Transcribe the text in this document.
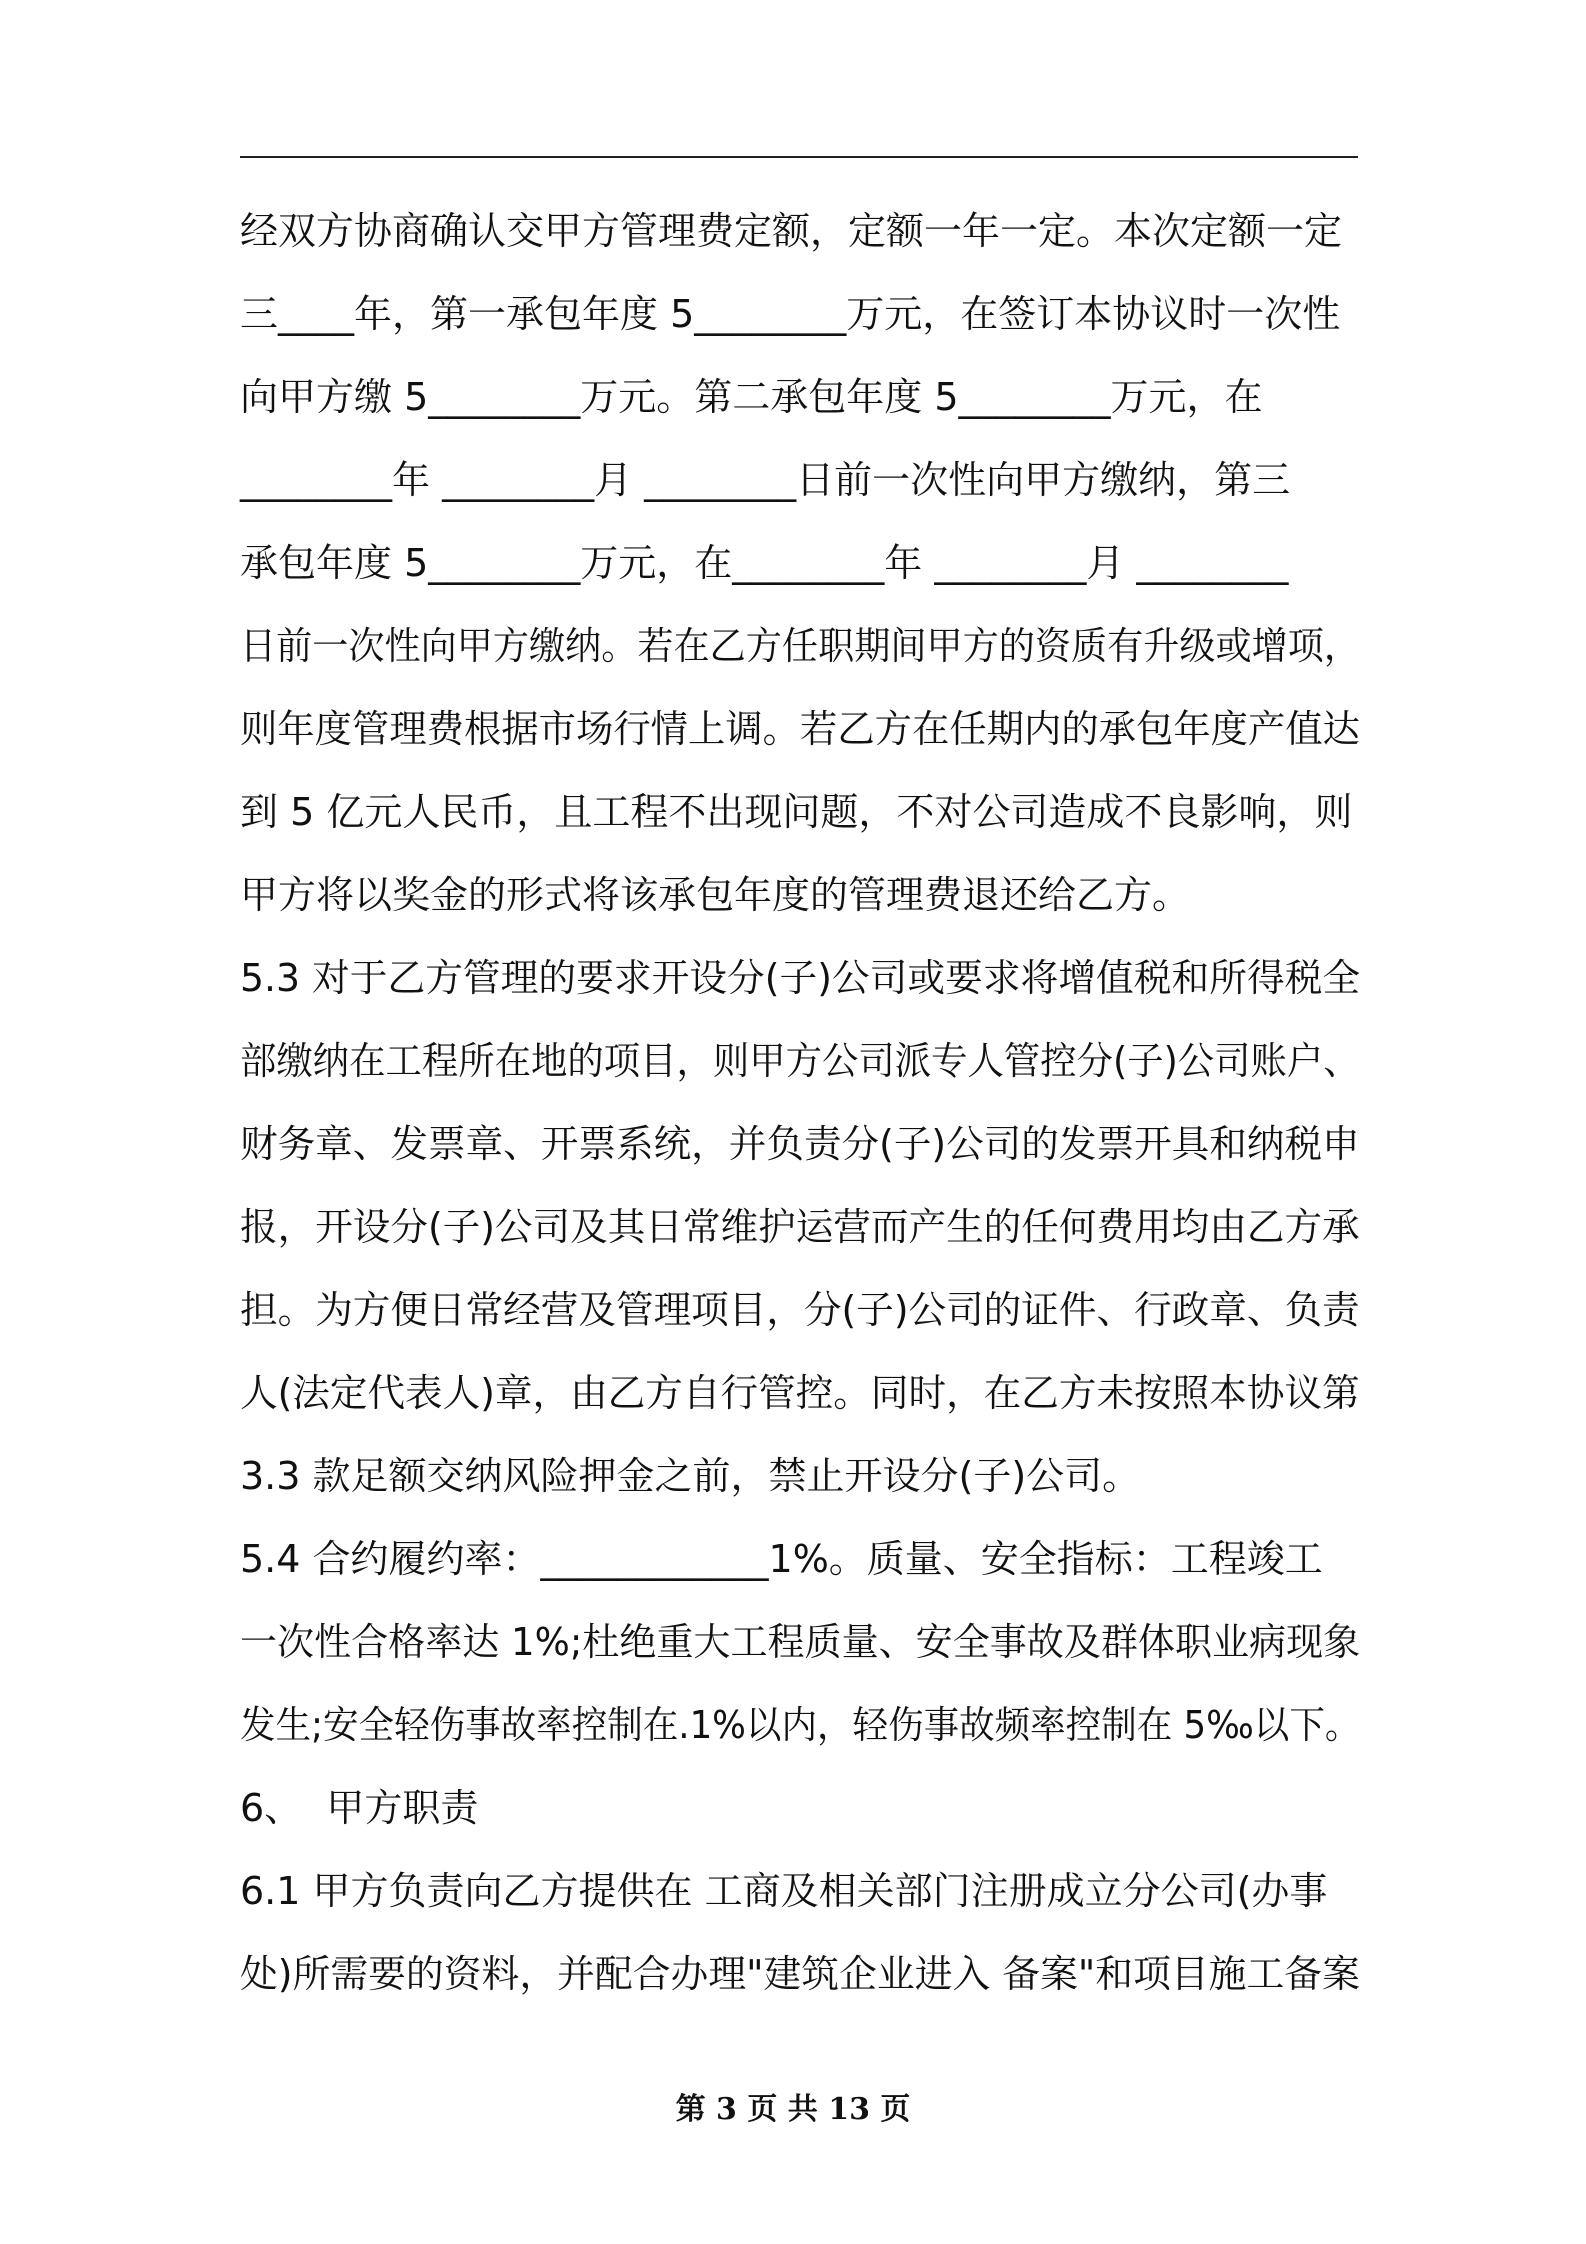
经双方协商确认交甲方管理费定额，定额一年一定。本次定额一定
三____年，第一承包年度 5________万元，在签订本协议时一次性
向甲方缴 5________万元。第二承包年度 5________万元，在
________年 ________月 ________日前一次性向甲方缴纳，第三
承包年度 5________万元，在________年 ________月 ________
日前一次性向甲方缴纳。若在乙方任职期间甲方的资质有升级或增项，
则年度管理费根据市场行情上调。若乙方在任期内的承包年度产值达
到 5 亿元人民币，且工程不出现问题，不对公司造成不良影响，则
甲方将以奖金的形式将该承包年度的管理费退还给乙方。
5.3 对于乙方管理的要求开设分(子)公司或要求将增值税和所得税全
部缴纳在工程所在地的项目，则甲方公司派专人管控分(子)公司账户、
财务章、发票章、开票系统，并负责分(子)公司的发票开具和纳税申
报，开设分(子)公司及其日常维护运营而产生的任何费用均由乙方承
担。为方便日常经营及管理项目，分(子)公司的证件、行政章、负责
人(法定代表人)章，由乙方自行管控。同时，在乙方未按照本协议第
3.3 款足额交纳风险押金之前，禁止开设分(子)公司。
5.4 合约履约率：____________1%。质量、安全指标：工程竣工
一次性合格率达 1%;杜绝重大工程质量、安全事故及群体职业病现象
发生;安全轻伤事故率控制在.1%以内，轻伤事故频率控制在 5‰以下。
6、  甲方职责
6.1 甲方负责向乙方提供在 工商及相关部门注册成立分公司(办事
处)所需要的资料，并配合办理"建筑企业进入 备案"和项目施工备案
第 3 页 共 13 页
